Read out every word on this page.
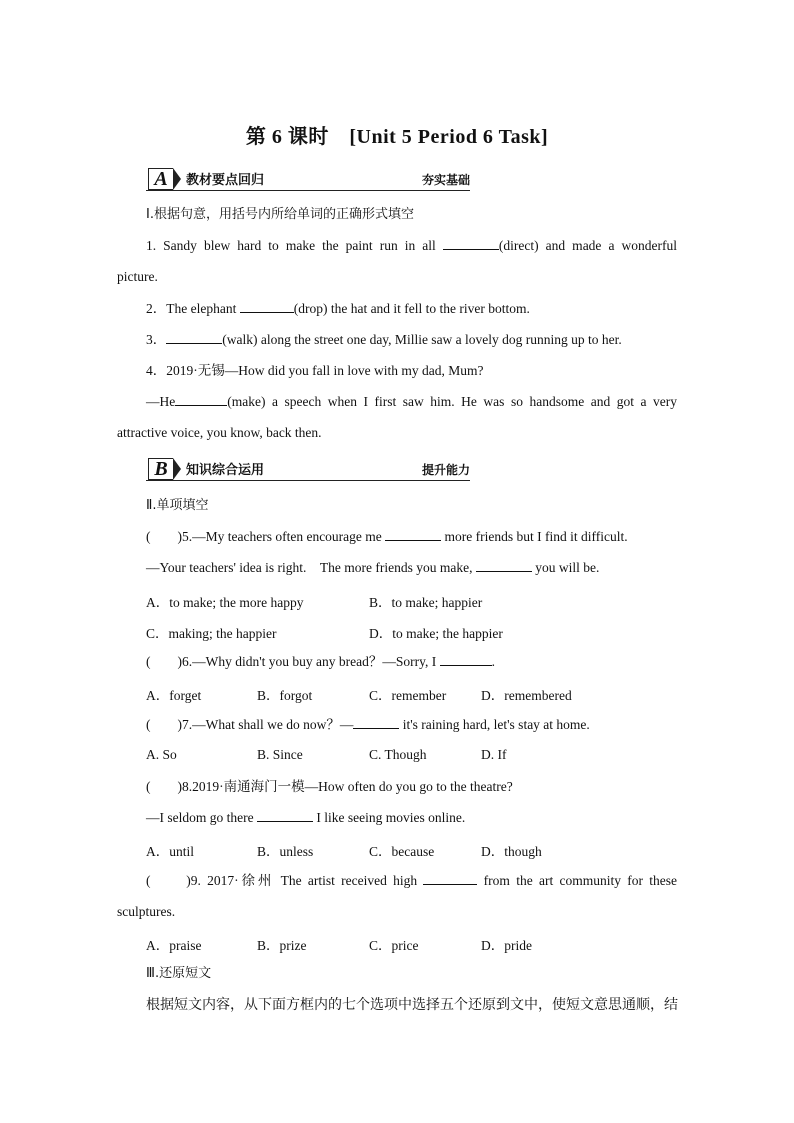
第 6 课时　[Unit 5 Period 6 Task]
A	教材要点回归	夯实基础
Ⅰ.根据句意，用括号内所给单词的正确形式填空
1. Sandy blew hard to make the paint run in all	(direct) and made a wonderful
picture.
2．The elephant	(drop) the hat and it fell to the river bottom.
3．	(walk) along the street one day, Millie saw a lovely dog running up to her.
4．2019·无锡—How did you fall in love with my dad, Mum?
—He	(make) a speech when I first saw him. He was so handsome and got a very
attractive voice, you know, back then.
B	知识综合运用	提升能力
Ⅱ.单项填空
(　　)5.—My teachers often encourage me	more friends but I find it difficult.
—Your teachers' idea is right.　The more friends you make,	you will be.
A．to make; the more happy	B．to make; happier
C．making; the happier	D．to make; the happier
(　　)6.—Why didn't you buy any bread？—Sorry, I	.
A．forget	B．forgot	C．remember	D．remembered
(　　)7.—What shall we do now？—	it's raining hard, let's stay at home.
A. So	B. Since	C. Though	D. If
(　　)8.2019·南通海门一模—How often do you go to the theatre?
—I seldom go there	I like seeing movies online.
A．until	B．unless	C．because	D．though
(　　)9. 2017·徐州 The artist received high	from the art community for these
sculptures.
A．praise	B．prize	C．price	D．pride
Ⅲ.还原短文
根据短文内容，从下面方框内的七个选项中选择五个还原到文中，使短文意思通顺，结
